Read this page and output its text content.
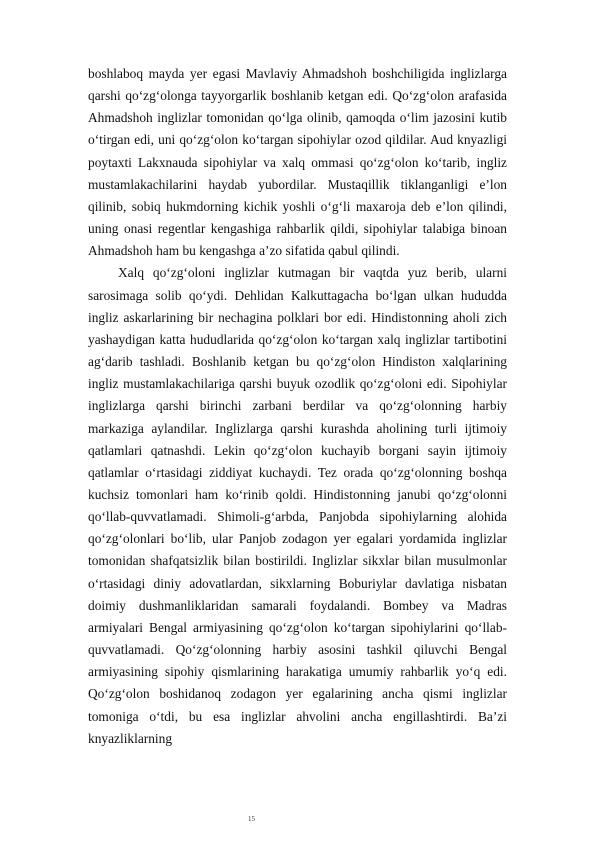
boshlaboq mayda yer egasi Mavlaviy Ahmadshoh boshchiligida inglizlarga qarshi qo‘zg‘olonga tayyorgarlik boshlanib ketgan edi. Qo‘zg‘olon arafasida Ahmadshoh inglizlar tomonidan qo‘lga olinib, qamoqda o‘lim jazosini kutib o‘tirgan edi, uni qo‘zg‘olon ko‘targan sipohiylar ozod qildilar. Aud knyazligi poytaxti Lakxnauda sipohiylar va xalq ommasi qo‘zg‘olon ko‘tarib, ingliz mustamlakachilarini haydab yubordilar. Mustaqillik tiklanganligi e’lon qilinib, sobiq hukmdorning kichik yoshli o‘g‘li maxaroja deb e’lon qilindi, uning onasi regentlar kengashiga rahbarlik qildi, sipohiylar talabiga binoan Ahmadshoh ham bu kengashga a’zo sifatida qabul qilindi.

Xalq qo‘zg‘oloni inglizlar kutmagan bir vaqtda yuz berib, ularni sarosimaga solib qo‘ydi. Dehlidan Kalkuttagacha bo‘lgan ulkan hududda ingliz askarlarining bir nechagina polklari bor edi. Hindistonning aholi zich yashaydigan katta hududlarida qo‘zg‘olon ko‘targan xalq inglizlar tartibotini ag‘darib tashladi. Boshlanib ketgan bu qo‘zg‘olon Hindiston xalqlarining ingliz mustamlakachilariga qarshi buyuk ozodlik qo‘zg‘oloni edi. Sipohiylar inglizlarga qarshi birinchi zarbani berdilar va qo‘zg‘olonning harbiy markaziga aylandilar. Inglizlarga qarshi kurashda aholining turli ijtimoiy qatlamlari qatnashdi. Lekin qo‘zg‘olon kuchayib borgani sayin ijtimoiy qatlamlar o‘rtasidagi ziddiyat kuchaydi. Tez orada qo‘zg‘olonning boshqa kuchsiz tomonlari ham ko‘rinib qoldi. Hindistonning janubi qo‘zg‘olonni qo‘llab-quvvatlamadi. Shimoli-g‘arbda, Panjobda sipohiylarning alohida qo‘zg‘olonlari bo‘lib, ular Panjob zodagon yer egalari yordamida inglizlar tomonidan shafqatsizlik bilan bostirildi. Inglizlar sikxlar bilan musulmonlar o‘rtasidagi diniy adovatlardan, sikxlarning Boburiylar davlatiga nisbatan doimiy dushmanliklaridan samarali foydalandi. Bombey va Madras armiyalari Bengal armiyasining qo‘zg‘olon ko‘targan sipohiylarini qo‘llab-quvvatlamadi. Qo‘zg‘olonning harbiy asosini tashkil qiluvchi Bengal armiyasining sipohiy qismlarining harakatiga umumiy rahbarlik yo‘q edi. Qo‘zg‘olon boshidanoq zodagon yer egalarining ancha qismi inglizlar tomoniga o‘tdi, bu esa inglizlar ahvolini ancha engillashtirdi. Ba’zi knyazliklarning

15
